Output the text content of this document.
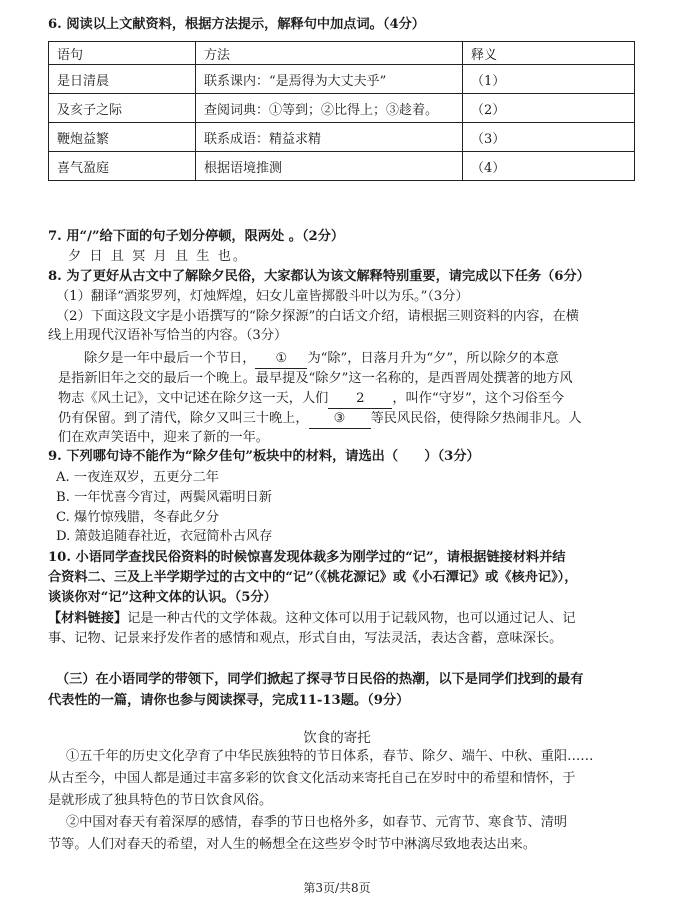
6. 阅读以上文献资料，根据方法提示，解释句中加点词。（4分）
语句	方法	释义
是日清晨	联系课内：“是焉得为大丈夫乎”	（1）
及亥子之际	查阅词典：①等到；②比得上；③趁着。	（2）
鞭炮益繁	联系成语：精益求精	（3）
喜气盈庭	根据语境推测	（4）
7. 用“/”给下面的句子划分停顿，限两处 。（2分）
夕 日 且 冥 月 且 生 也。
8. 为了更好从古文中了解除夕民俗，大家都认为该文解释特别重要，请完成以下任务（6分）
（1）翻译“酒浆罗列，灯烛辉煌，妇女儿童皆掷骰斗叶以为乐。”（3分）
（2）下面这段文字是小语撰写的“除夕探源”的白话文介绍，请根据三则资料的内容，在横
线上用现代汉语补写恰当的内容。（3分）
除夕是一年中最后一个节日， ① 为“除”，日落月升为“夕”，所以除夕的本意
是指新旧年之交的最后一个晚上。最早提及“除夕”这一名称的，是西晋周处撰著的地方风
物志《风土记》，文中记述在除夕这一天，人们 2 ，叫作“守岁”，这个习俗至今
仍有保留。到了清代，除夕又叫三十晚上， ③ 等民风民俗，使得除夕热闹非凡。人
们在欢声笑语中，迎来了新的一年。
9. 下列哪句诗不能作为“除夕佳句”板块中的材料，请选出（　　）（3分）
A. 一夜连双岁，五更分二年
B. 一年忧喜今宵过，两鬓风霜明日新
C. 爆竹惊残腊，冬春此夕分
D. 箫鼓追随春社近，衣冠简朴古风存
10. 小语同学查找民俗资料的时候惊喜发现体裁多为刚学过的“记”，请根据链接材料并结
合资料二、三及上半学期学过的古文中的“记”（《桃花源记》或《小石潭记》或《核舟记》），
谈谈你对“记”这种文体的认识。（5分）
【材料链接】记是一种古代的文学体裁。这种文体可以用于记载风物，也可以通过记人、记
事、记物、记景来抒发作者的感情和观点，形式自由，写法灵活，表达含蓄，意味深长。
（三）在小语同学的带领下，同学们掀起了探寻节日民俗的热潮，以下是同学们找到的最有
代表性的一篇，请你也参与阅读探寻，完成11-13题。（9分）
饮食的寄托
①五千年的历史文化孕育了中华民族独特的节日体系，春节、除夕、端午、中秋、重阳……
从古至今，中国人都是通过丰富多彩的饮食文化活动来寄托自己在岁时中的希望和情怀，于
是就形成了独具特色的节日饮食风俗。
②中国对春天有着深厚的感情，春季的节日也格外多，如春节、元宵节、寒食节、清明
节等。人们对春天的希望，对人生的畅想全在这些岁令时节中淋漓尽致地表达出来。
第3页/共8页
